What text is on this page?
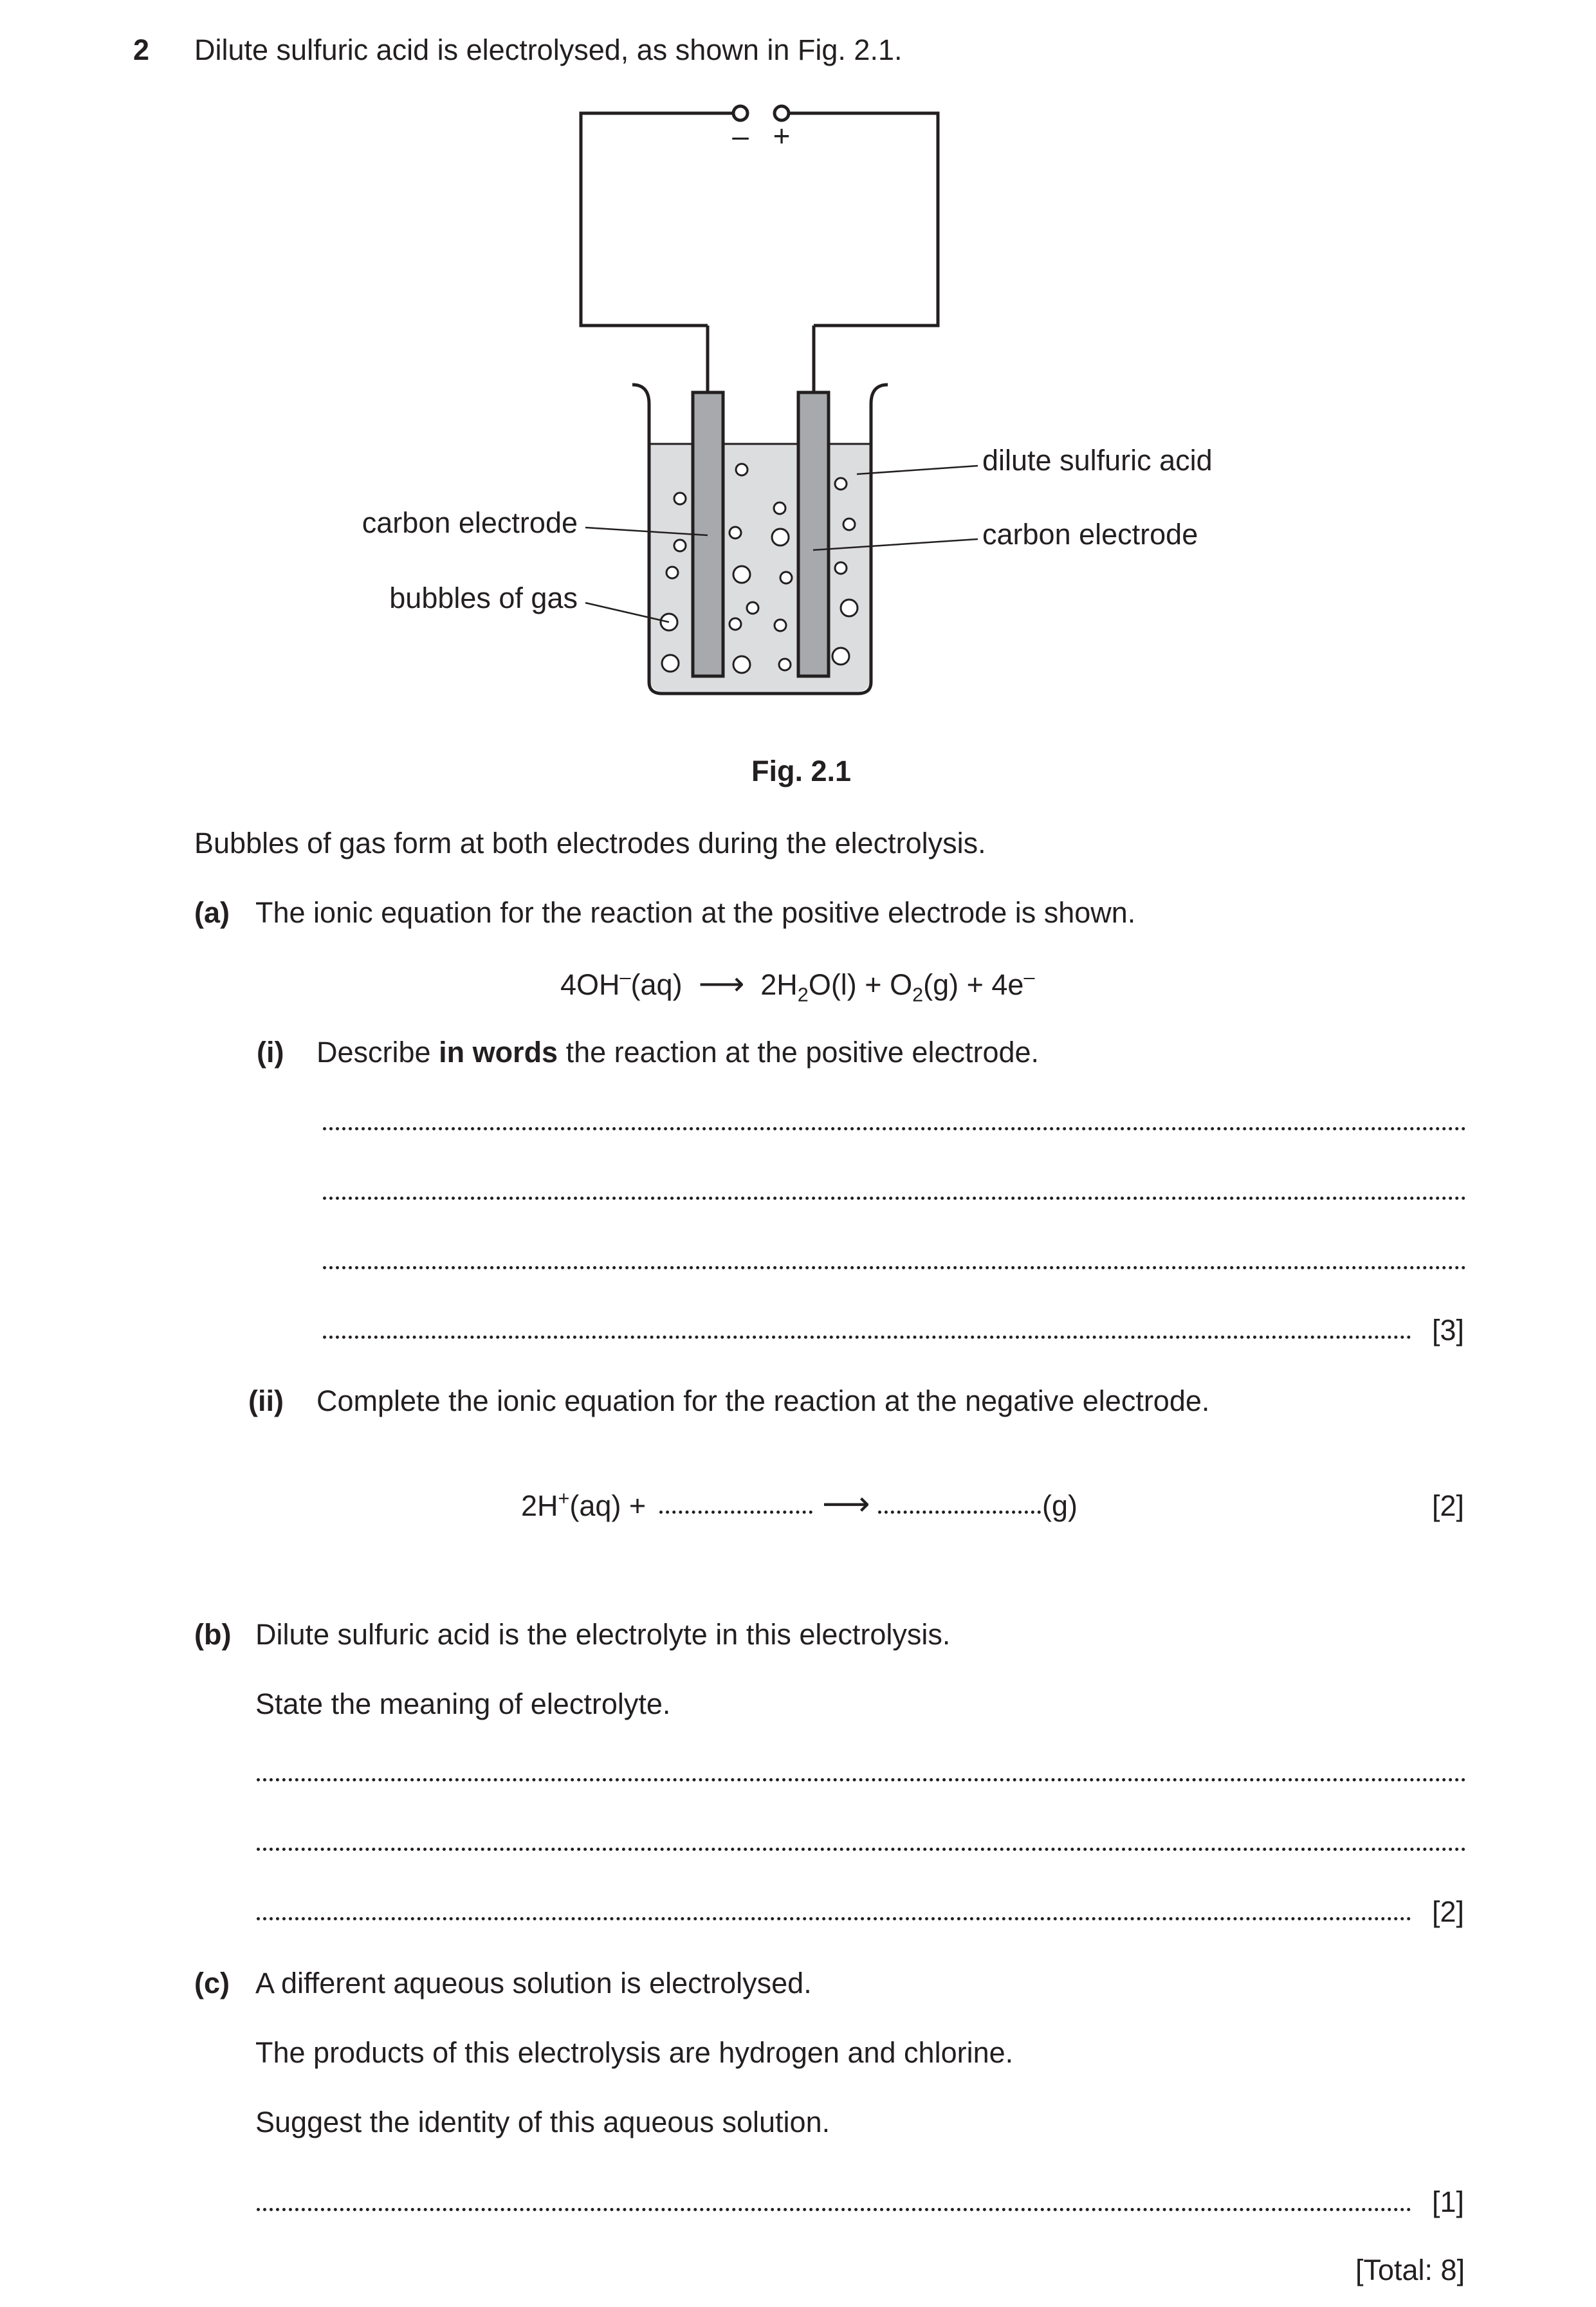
2 Dilute sulfuric acid is electrolysed, as shown in Fig. 2.1.
– +
dilute sulfuric acid
carbon electrode
carbon electrode
bubbles of gas
Fig. 2.1
Bubbles of gas form at both electrodes during the electrolysis.
(a) The ionic equation for the reaction at the positive electrode is shown.
4OH–(aq)  ⟶  $2H_2O(l) + O_2(g) + 4e^-$
(i) Describe in words the reaction at the positive electrode.
[3]
(ii) Complete the ionic equation for the reaction at the negative electrode.
2H+(aq) +	⟶	(g)	[2]
(b) Dilute sulfuric acid is the electrolyte in this electrolysis.
State the meaning of electrolyte.
[2]
(c) A different aqueous solution is electrolysed.
The products of this electrolysis are hydrogen and chlorine.
Suggest the identity of this aqueous solution.
[1]
[Total: 8]
